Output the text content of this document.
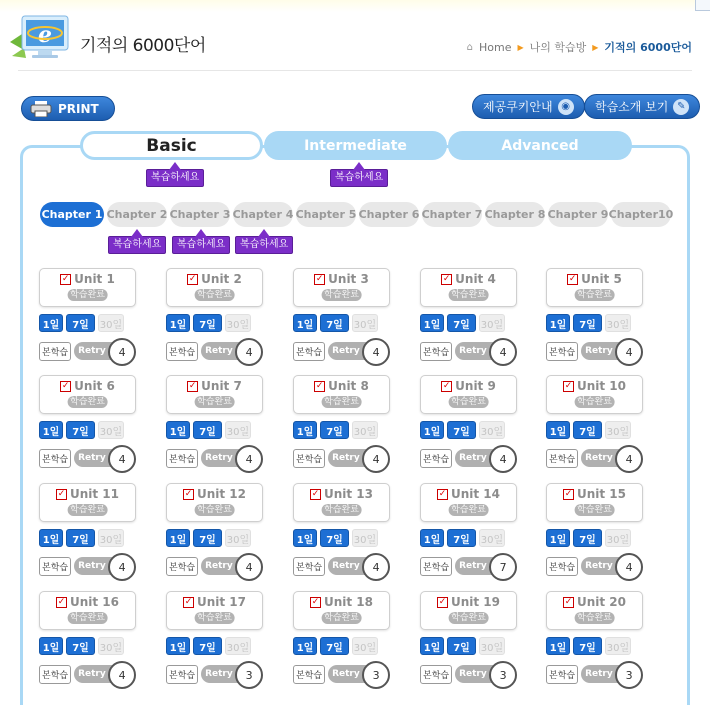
e 기적의 6000단어	⌂ Home ▶ 나의 학습방 ▶ 기적의 6000단어
PRINT	제공쿠키안내 ◉	학습소개 보기 ✎
Basic	Intermediate	Advanced
복습하세요	복습하세요
Chapter 1 Chapter 2 Chapter 3 Chapter 4 Chapter 5 Chapter 6 Chapter 7 Chapter 8 Chapter 9 Chapter10
복습하세요	복습하세요	복습하세요
✓ Unit 1
학습완료
1일	7일	30일
본학습	Retry	4
✓ Unit 2
학습완료
1일	7일	30일
본학습	Retry	4
✓ Unit 3
학습완료
1일	7일	30일
본학습	Retry	4
✓ Unit 4
학습완료
1일	7일	30일
본학습	Retry	4
✓ Unit 5
학습완료
1일	7일	30일
본학습	Retry	4
✓ Unit 6
학습완료
1일	7일	30일
본학습	Retry	4
✓ Unit 7
학습완료
1일	7일	30일
본학습	Retry	4
✓ Unit 8
학습완료
1일	7일	30일
본학습	Retry	4
✓ Unit 9
학습완료
1일	7일	30일
본학습	Retry	4
✓ Unit 10
학습완료
1일	7일	30일
본학습	Retry	4
✓ Unit 11
학습완료
1일	7일	30일
본학습	Retry	4
✓ Unit 12
학습완료
1일	7일	30일
본학습	Retry	4
✓ Unit 13
학습완료
1일	7일	30일
본학습	Retry	4
✓ Unit 14
학습완료
1일	7일	30일
본학습	Retry	7
✓ Unit 15
학습완료
1일	7일	30일
본학습	Retry	4
✓ Unit 16
학습완료
1일	7일	30일
본학습	Retry	4
✓ Unit 17
학습완료
1일	7일	30일
본학습	Retry	3
✓ Unit 18
학습완료
1일	7일	30일
본학습	Retry	3
✓ Unit 19
학습완료
1일	7일	30일
본학습	Retry	3
✓ Unit 20
학습완료
1일	7일	30일
본학습	Retry	3
